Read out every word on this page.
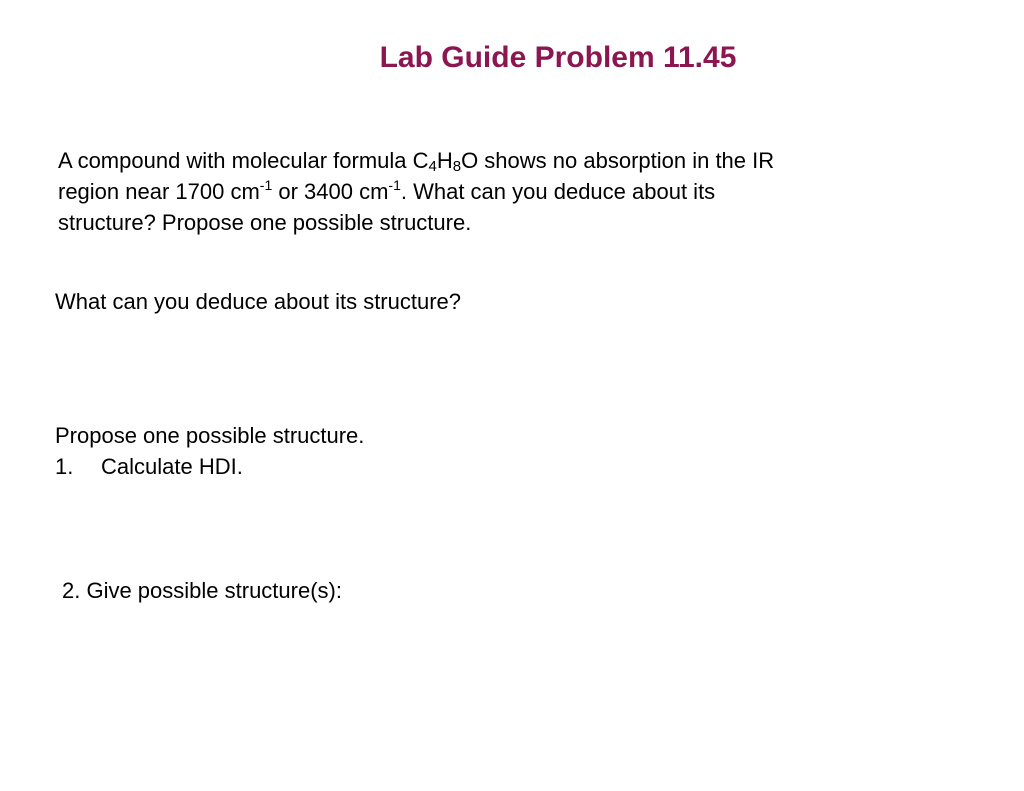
Lab Guide Problem 11.45
A compound with molecular formula $C_4H_8O$ shows no absorption in the IR
region near 1700 $cm^{-1}$ or 3400 $cm^{-1}$. What can you deduce about its
structure? Propose one possible structure.
What can you deduce about its structure?
Propose one possible structure.
1. Calculate HDI.
2. Give possible structure(s):
